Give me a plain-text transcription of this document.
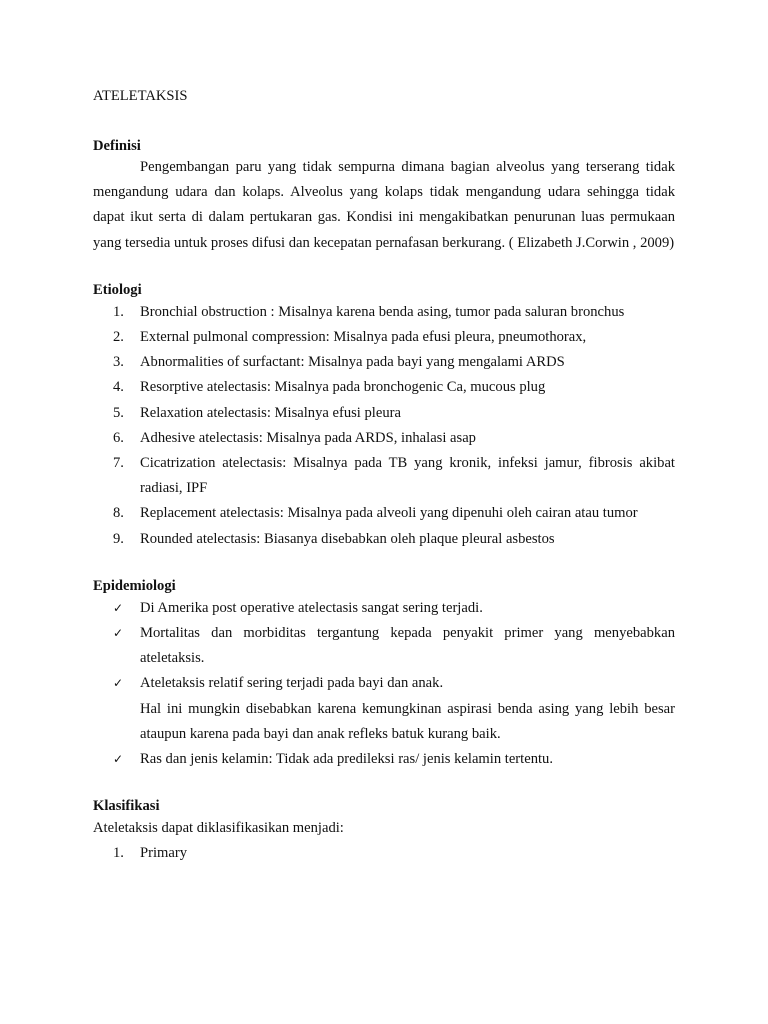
ATELETAKSIS

Definisi

Pengembangan paru yang tidak sempurna dimana bagian alveolus yang terserang tidak mengandung udara dan kolaps. Alveolus yang kolaps tidak mengandung udara sehingga tidak dapat ikut serta di dalam pertukaran gas. Kondisi ini mengakibatkan penurunan luas permukaan yang tersedia untuk proses difusi dan kecepatan pernafasan berkurang. ( Elizabeth J.Corwin , 2009)

Etiologi

1. Bronchial obstruction : Misalnya karena benda asing, tumor pada saluran bronchus
2. External pulmonal compression: Misalnya pada efusi pleura, pneumothorax,
3. Abnormalities of surfactant: Misalnya pada bayi yang mengalami ARDS
4. Resorptive atelectasis: Misalnya pada bronchogenic Ca, mucous plug
5. Relaxation atelectasis: Misalnya efusi pleura
6. Adhesive atelectasis: Misalnya pada ARDS, inhalasi asap
7. Cicatrization atelectasis: Misalnya pada TB yang kronik, infeksi jamur, fibrosis akibat radiasi, IPF
8. Replacement atelectasis: Misalnya pada alveoli yang dipenuhi oleh cairan atau tumor
9. Rounded atelectasis: Biasanya disebabkan oleh plaque pleural asbestos

Epidemiologi

✓ Di Amerika post operative atelectasis sangat sering terjadi.
✓ Mortalitas dan morbiditas tergantung kepada penyakit primer yang menyebabkan ateletaksis.
✓ Ateletaksis relatif sering terjadi pada bayi dan anak.
Hal ini mungkin disebabkan karena kemungkinan aspirasi benda asing yang lebih besar ataupun karena pada bayi dan anak refleks batuk kurang baik.
✓ Ras dan jenis kelamin: Tidak ada predileksi ras/ jenis kelamin tertentu.

Klasifikasi

Ateletaksis dapat diklasifikasikan menjadi:

1. Primary
